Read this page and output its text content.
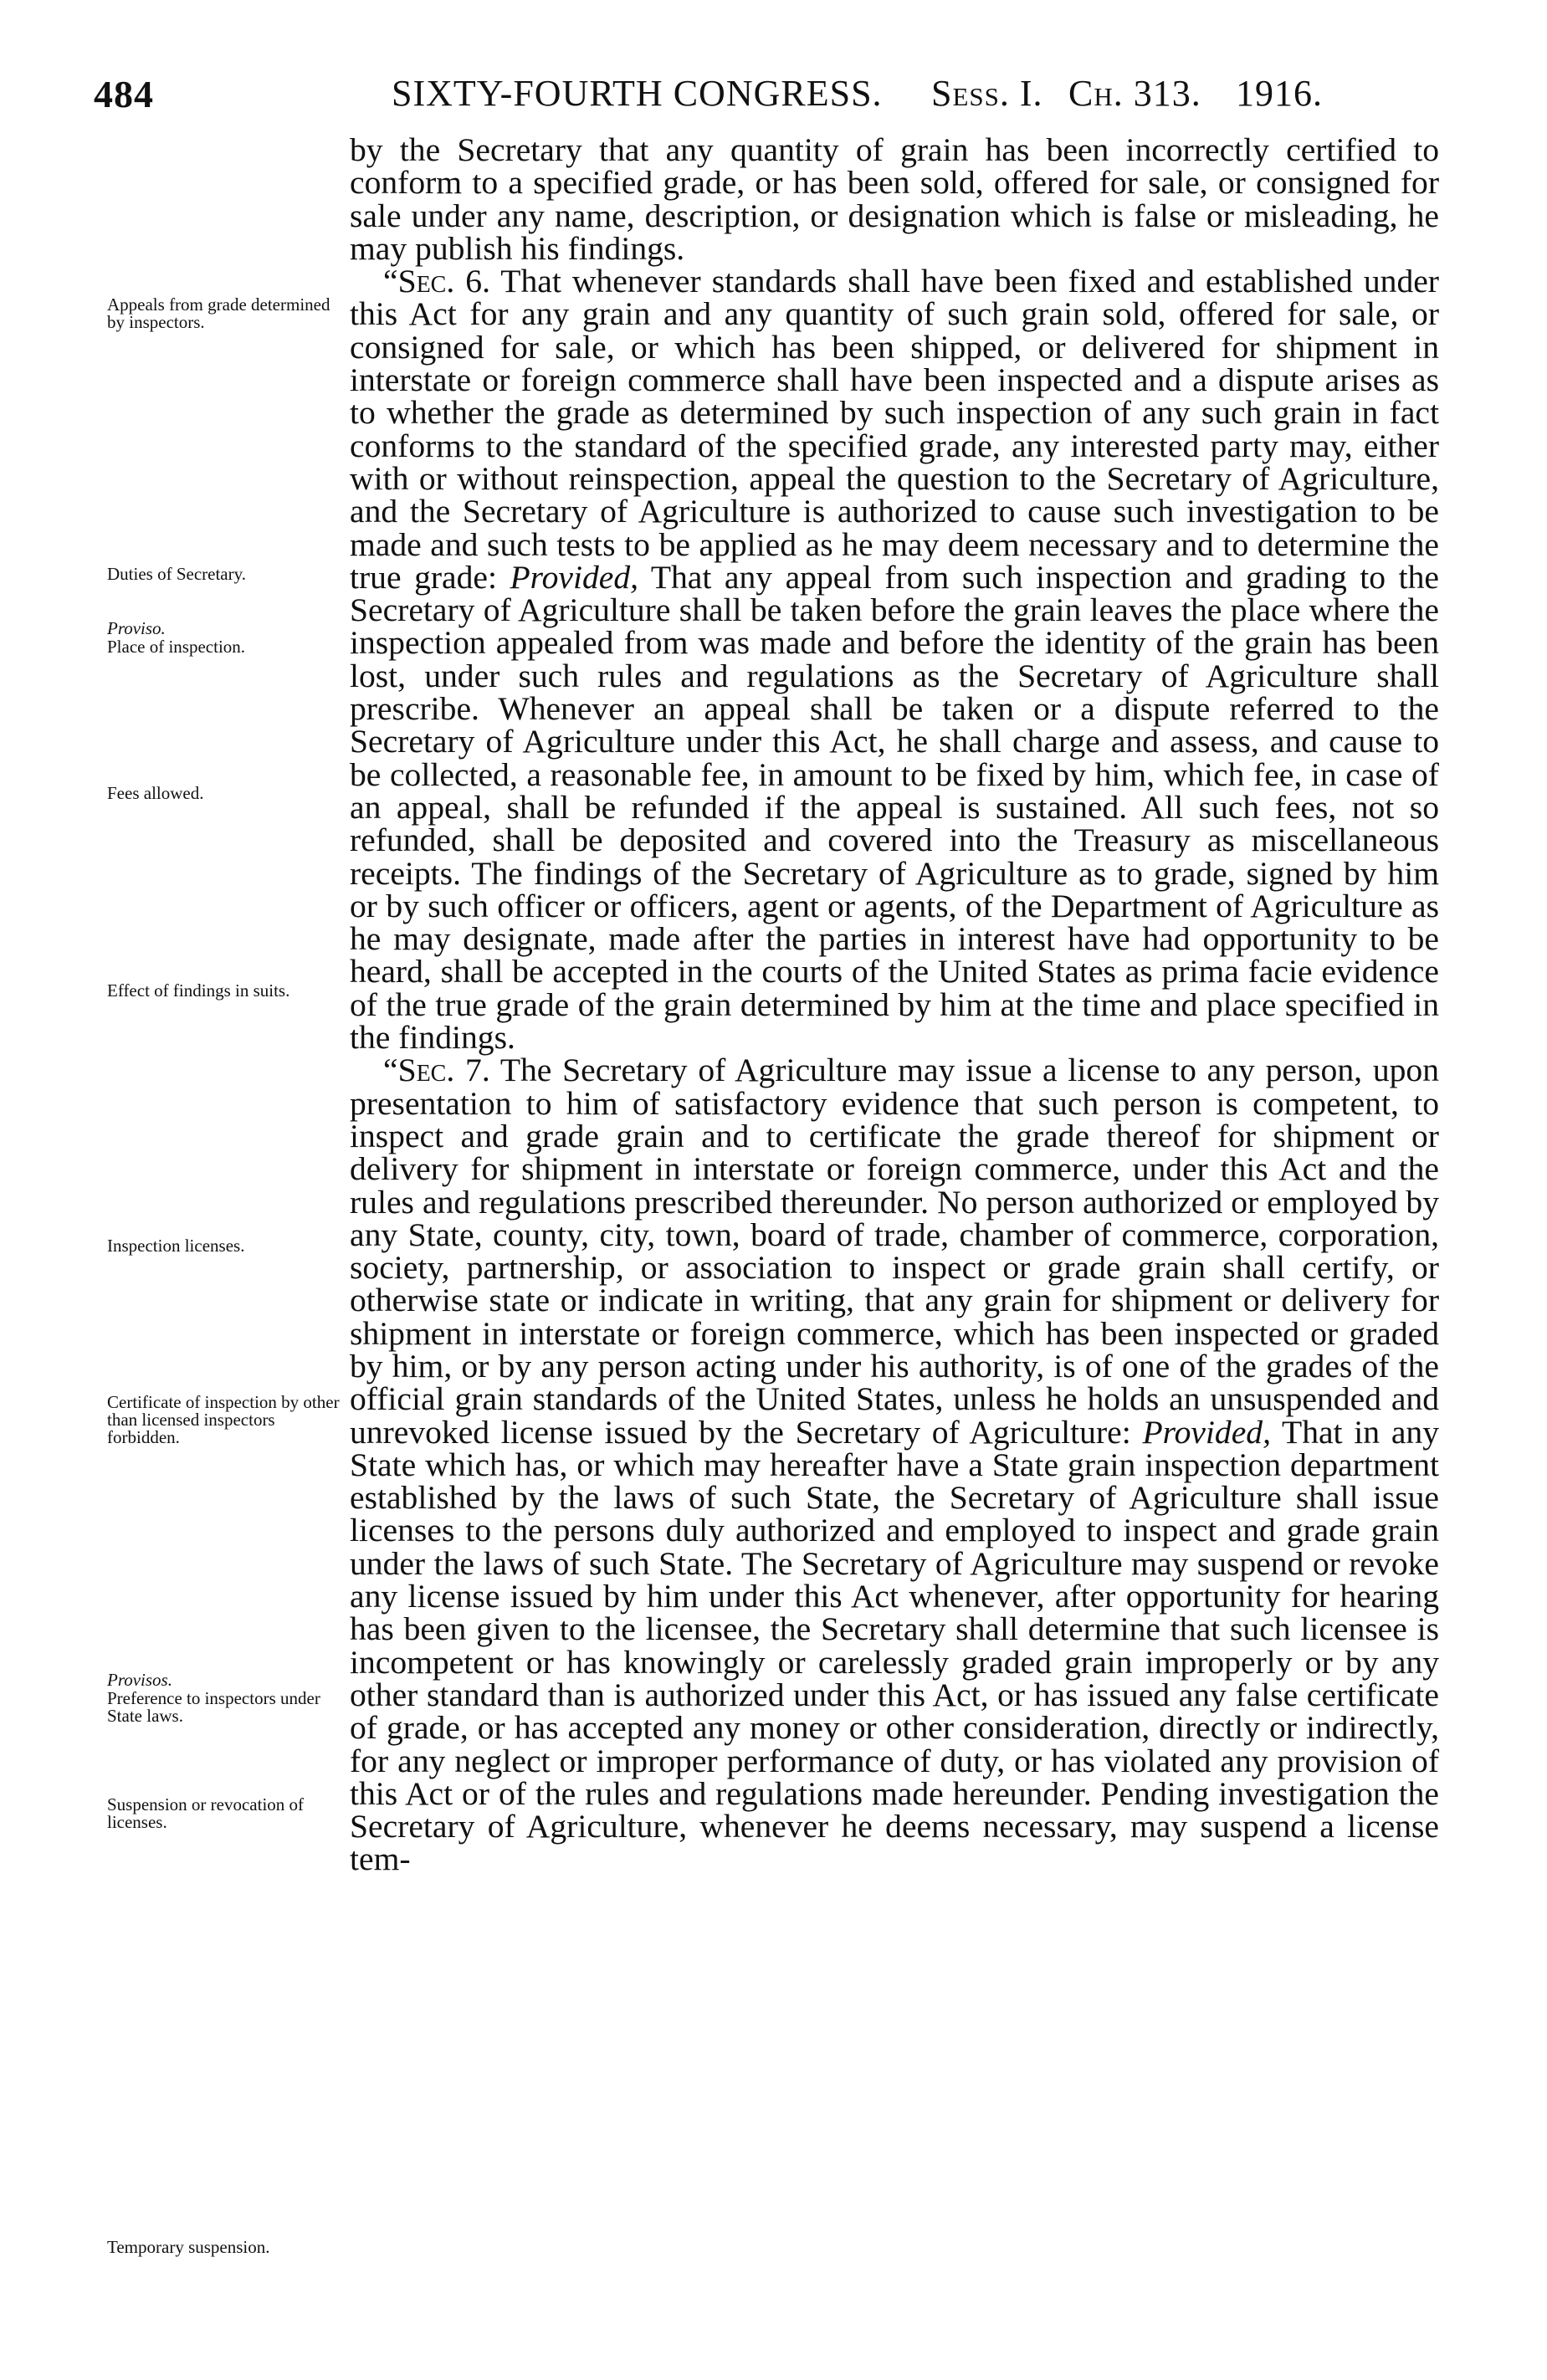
484	SIXTY-FOURTH CONGRESS. Sess. I. Ch. 313. 1916.
Appeals from grade determined by inspectors.
Duties of Secretary.
Proviso.
Place of inspection.
Fees allowed.
Effect of findings in suits.
Inspection licenses.
Certificate of inspection by other than licensed inspectors forbidden.
Provisos.
Preference to inspectors under State laws.
Suspension or revocation of licenses.
Temporary suspension.

by the Secretary that any quantity of grain has been incorrectly certified to conform to a specified grade, or has been sold, offered for sale, or consigned for sale under any name, description, or designation which is false or misleading, he may publish his findings.

“Sec. 6. That whenever standards shall have been fixed and established under this Act for any grain and any quantity of such grain sold, offered for sale, or consigned for sale, or which has been shipped, or delivered for shipment in interstate or foreign commerce shall have been inspected and a dispute arises as to whether the grade as determined by such inspection of any such grain in fact conforms to the standard of the specified grade, any interested party may, either with or without reinspection, appeal the question to the Secretary of Agriculture, and the Secretary of Agriculture is authorized to cause such investigation to be made and such tests to be applied as he may deem necessary and to determine the true grade: Provided, That any appeal from such inspection and grading to the Secretary of Agriculture shall be taken before the grain leaves the place where the inspection appealed from was made and before the identity of the grain has been lost, under such rules and regulations as the Secretary of Agriculture shall prescribe. Whenever an appeal shall be taken or a dispute referred to the Secretary of Agriculture under this Act, he shall charge and assess, and cause to be collected, a reasonable fee, in amount to be fixed by him, which fee, in case of an appeal, shall be refunded if the appeal is sustained. All such fees, not so refunded, shall be deposited and covered into the Treasury as miscellaneous receipts. The findings of the Secretary of Agriculture as to grade, signed by him or by such officer or officers, agent or agents, of the Department of Agriculture as he may designate, made after the parties in interest have had opportunity to be heard, shall be accepted in the courts of the United States as prima facie evidence of the true grade of the grain determined by him at the time and place specified in the findings.

“Sec. 7. The Secretary of Agriculture may issue a license to any person, upon presentation to him of satisfactory evidence that such person is competent, to inspect and grade grain and to certificate the grade thereof for shipment or delivery for shipment in interstate or foreign commerce, under this Act and the rules and regulations prescribed thereunder. No person authorized or employed by any State, county, city, town, board of trade, chamber of commerce, corporation, society, partnership, or association to inspect or grade grain shall certify, or otherwise state or indicate in writing, that any grain for shipment or delivery for shipment in interstate or foreign commerce, which has been inspected or graded by him, or by any person acting under his authority, is of one of the grades of the official grain standards of the United States, unless he holds an unsuspended and unrevoked license issued by the Secretary of Agriculture: Provided, That in any State which has, or which may hereafter have a State grain inspection department established by the laws of such State, the Secretary of Agriculture shall issue licenses to the persons duly authorized and employed to inspect and grade grain under the laws of such State. The Secretary of Agriculture may suspend or revoke any license issued by him under this Act whenever, after opportunity for hearing has been given to the licensee, the Secretary shall determine that such licensee is incompetent or has knowingly or carelessly graded grain improperly or by any other standard than is authorized under this Act, or has issued any false certificate of grade, or has accepted any money or other consideration, directly or indirectly, for any neglect or improper performance of duty, or has violated any provision of this Act or of the rules and regulations made hereunder. Pending investigation the Secretary of Agriculture, whenever he deems necessary, may suspend a license tem-
